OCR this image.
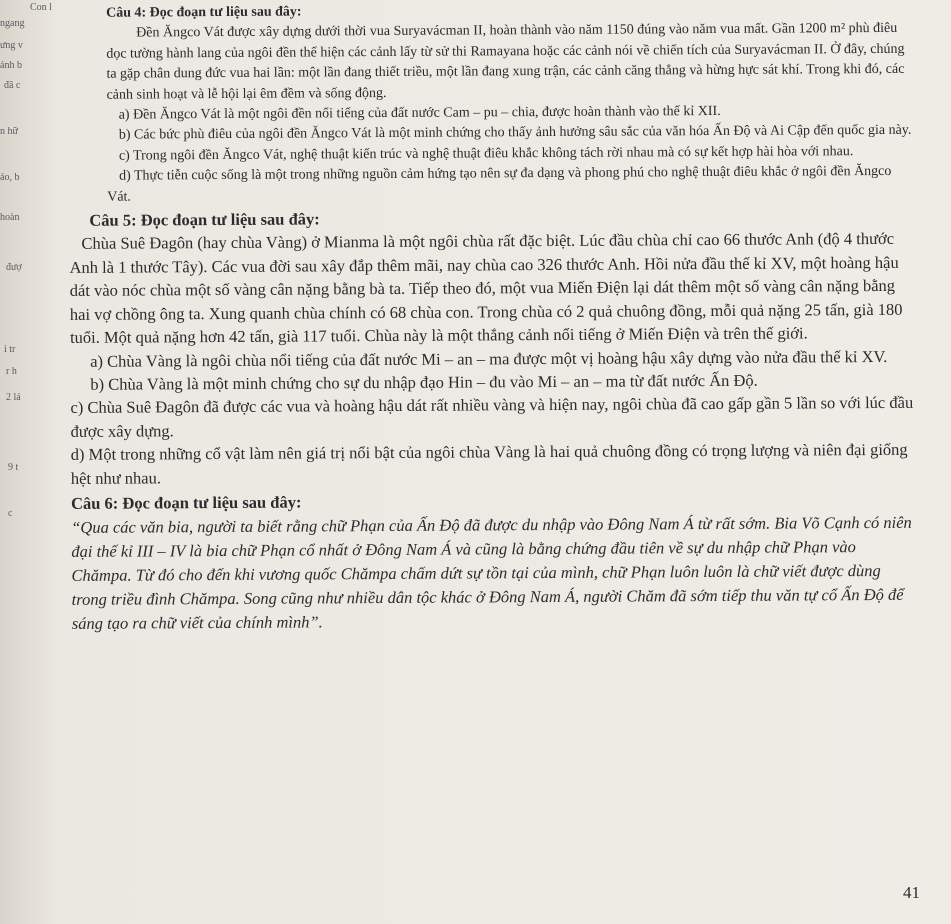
Con l
ngang
ưng v
ánh b
đã c
n hữ
áo, b
hoàn
đượ
i tr
r h
2 lá
9 t
c
Câu 4: Đọc đoạn tư liệu sau đây:
Đền Ăngco Vát được xây dựng dưới thời vua Suryavácman II, hoàn thành vào năm 1150 đúng vào năm vua mất. Gần 1200 m² phù điêu dọc tường hành lang của ngôi đền thể hiện các cảnh lấy từ sử thi Ramayana hoặc các cảnh nói về chiến tích của Suryavácman II. Ở đây, chúng ta gặp chân dung đức vua hai lần: một lần đang thiết triều, một lần đang xung trận, các cảnh căng thẳng và hừng hực sát khí. Trong khi đó, các cảnh sinh hoạt và lễ hội lại êm đềm và sống động.
a) Đền Ăngco Vát là một ngôi đền nổi tiếng của đất nước Cam – pu – chia, được hoàn thành vào thế kỉ XII.
b) Các bức phù điêu của ngôi đền Ăngco Vát là một minh chứng cho thấy ảnh hưởng sâu sắc của văn hóa Ấn Độ và Ai Cập đến quốc gia này.
c) Trong ngôi đền Ăngco Vát, nghệ thuật kiến trúc và nghệ thuật điêu khắc không tách rời nhau mà có sự kết hợp hài hòa với nhau.
d) Thực tiễn cuộc sống là một trong những nguồn cảm hứng tạo nên sự đa dạng và phong phú cho nghệ thuật điêu khắc ở ngôi đền Ăngco Vát.
Câu 5: Đọc đoạn tư liệu sau đây:
Chùa Suê Đagôn (hay chùa Vàng) ở Mianma là một ngôi chùa rất đặc biệt. Lúc đầu chùa chỉ cao 66 thước Anh (độ 4 thước Anh là 1 thước Tây). Các vua đời sau xây đắp thêm mãi, nay chùa cao 326 thước Anh. Hồi nửa đầu thế kỉ XV, một hoàng hậu dát vào nóc chùa một số vàng cân nặng bằng bà ta. Tiếp theo đó, một vua Miến Điện lại dát thêm một số vàng cân nặng bằng hai vợ chồng ông ta. Xung quanh chùa chính có 68 chùa con. Trong chùa có 2 quả chuông đồng, mỗi quả nặng 25 tấn, già 180 tuổi. Một quả nặng hơn 42 tấn, già 117 tuổi. Chùa này là một thắng cảnh nổi tiếng ở Miến Điện và trên thế giới.
a) Chùa Vàng là ngôi chùa nổi tiếng của đất nước Mi – an – ma được một vị hoàng hậu xây dựng vào nửa đầu thế kỉ XV.
b) Chùa Vàng là một minh chứng cho sự du nhập đạo Hin – đu vào Mi – an – ma từ đất nước Ấn Độ.
c) Chùa Suê Đagôn đã được các vua và hoàng hậu dát rất nhiều vàng và hiện nay, ngôi chùa đã cao gấp gần 5 lần so với lúc đầu được xây dựng.
d) Một trong những cổ vật làm nên giá trị nổi bật của ngôi chùa Vàng là hai quả chuông đồng có trọng lượng và niên đại giống hệt như nhau.
Câu 6: Đọc đoạn tư liệu sau đây:
“Qua các văn bia, người ta biết rằng chữ Phạn của Ấn Độ đã được du nhập vào Đông Nam Á từ rất sớm. Bia Võ Cạnh có niên đại thế kỉ III – IV là bia chữ Phạn cổ nhất ở Đông Nam Á và cũng là bằng chứng đầu tiên về sự du nhập chữ Phạn vào Chămpa. Từ đó cho đến khi vương quốc Chămpa chấm dứt sự tồn tại của mình, chữ Phạn luôn luôn là chữ viết được dùng trong triều đình Chămpa. Song cũng như nhiều dân tộc khác ở Đông Nam Á, người Chăm đã sớm tiếp thu văn tự cổ Ấn Độ để sáng tạo ra chữ viết của chính mình”.
41
